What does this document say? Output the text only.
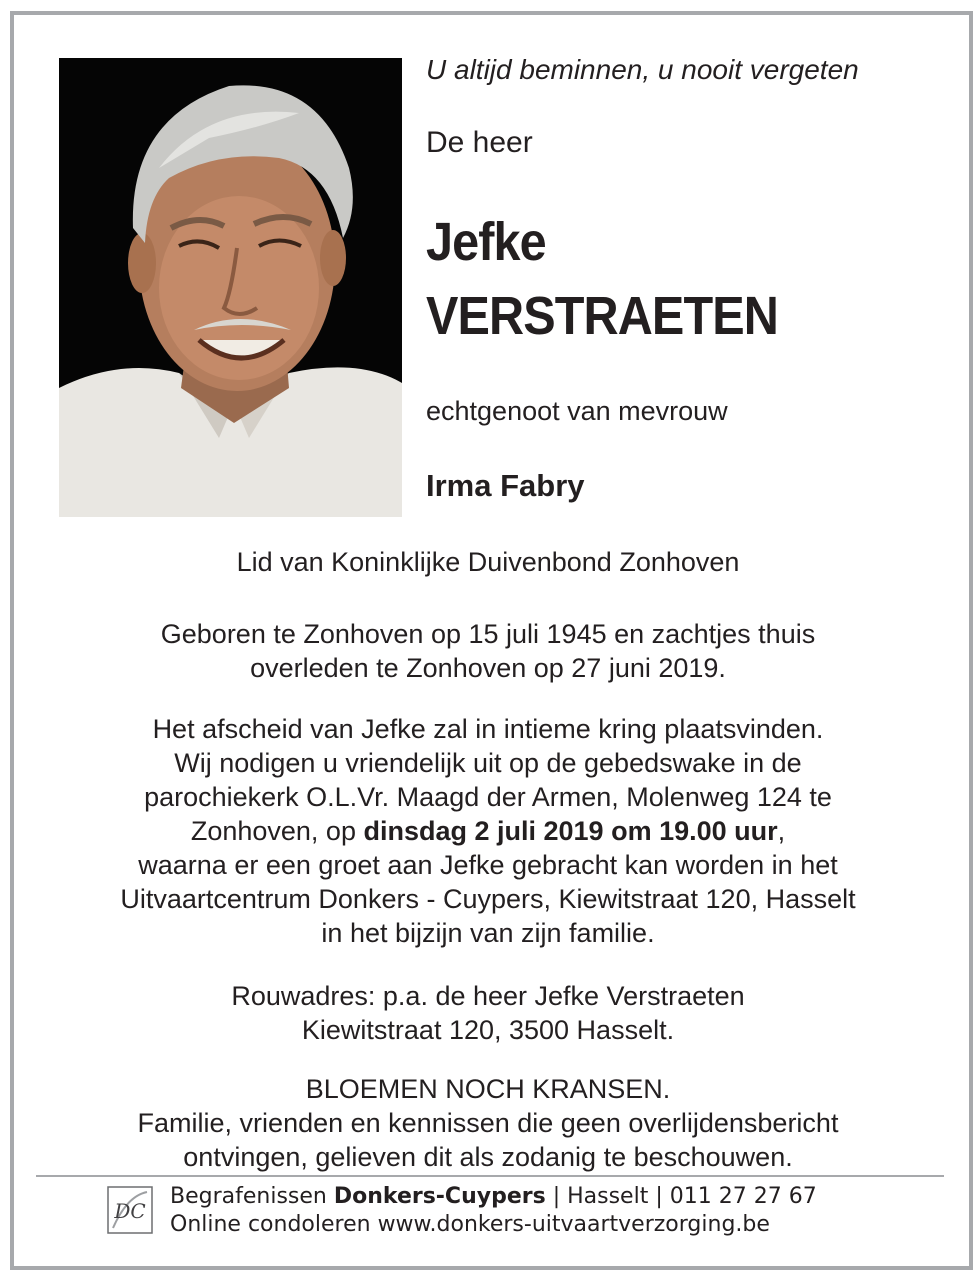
U altijd beminnen, u nooit vergeten
De heer
Jefke
VERSTRAETEN
echtgenoot van mevrouw
Irma Fabry
Lid van Koninklijke Duivenbond Zonhoven
Geboren te Zonhoven op 15 juli 1945 en zachtjes thuis
overleden te Zonhoven op 27 juni 2019.
Het afscheid van Jefke zal in intieme kring plaatsvinden.
Wij nodigen u vriendelijk uit op de gebedswake in de
parochiekerk O.L.Vr. Maagd der Armen, Molenweg 124 te
Zonhoven, op dinsdag 2 juli 2019 om 19.00 uur,
waarna er een groet aan Jefke gebracht kan worden in het
Uitvaartcentrum Donkers - Cuypers, Kiewitstraat 120, Hasselt
in het bijzijn van zijn familie.
Rouwadres: p.a. de heer Jefke Verstraeten
Kiewitstraat 120, 3500 Hasselt.
BLOEMEN NOCH KRANSEN.
Familie, vrienden en kennissen die geen overlijdensbericht
ontvingen, gelieven dit als zodanig te beschouwen.
DC
Begrafenissen Donkers-Cuypers | Hasselt | 011 27 27 67
Online condoleren www.donkers-uitvaartverzorging.be
